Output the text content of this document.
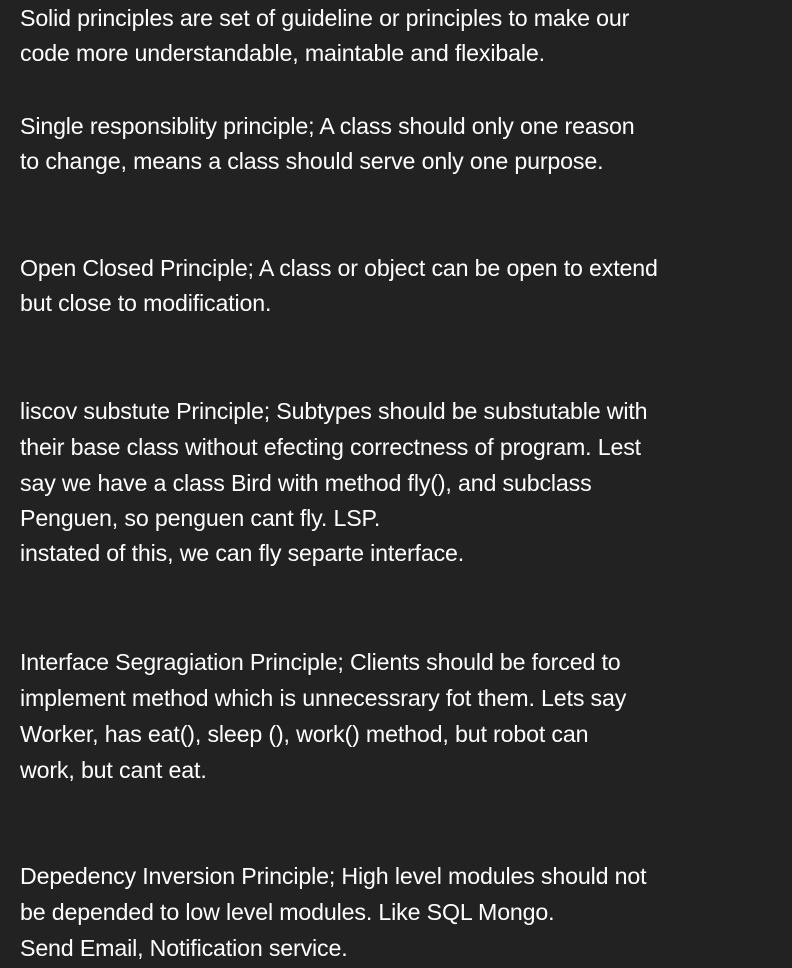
Solid principles are set of guideline or principles to make our
code more understandable, maintable and flexibale.
Single responsiblity principle; A class should only one reason
to change, means a class should serve only one purpose.
Open Closed Principle; A class or object can be open to extend
but close to modification.
liscov substute Principle; Subtypes should be substutable with
their base class without efecting correctness of program. Lest
say we have a class Bird with method fly(), and subclass
Penguen, so penguen cant fly. LSP.
instated of this, we can fly separte interface.
Interface Segragiation Principle; Clients should be forced to
implement method which is unnecessrary fot them. Lets say
Worker, has eat(), sleep (), work() method, but robot can
work, but cant eat.
Depedency Inversion Principle; High level modules should not
be depended to low level modules. Like SQL Mongo.
Send Email, Notification service.
